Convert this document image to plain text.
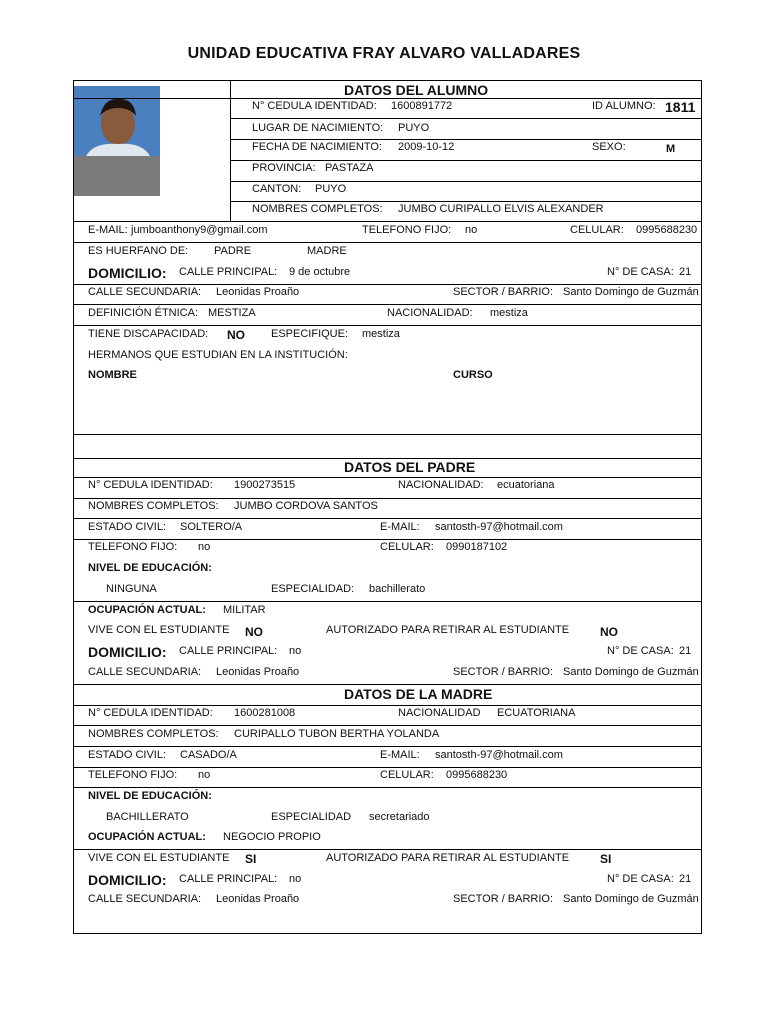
UNIDAD EDUCATIVA FRAY ALVARO VALLADARES
DATOS DEL ALUMNO
N° CEDULA IDENTIDAD: 1600891772	ID ALUMNO: 1811
LUGAR DE NACIMIENTO: PUYO
FECHA DE NACIMIENTO: 2009-10-12	SEXO:	M
PROVINCIA: PASTAZA
CANTON: PUYO
NOMBRES COMPLETOS: JUMBO CURIPALLO ELVIS ALEXANDER
E-MAIL: jumboanthony9@gmail.com	TELEFONO FIJO: no	CELULAR: 0995688230
ES HUERFANO DE: PADRE	MADRE
DOMICILIO: CALLE PRINCIPAL: 9 de octubre	N° DE CASA: 21
CALLE SECUNDARIA: Leonidas Proaño	SECTOR / BARRIO: Santo Domingo de Guzmán
DEFINICIÓN ÉTNICA: MESTIZA	NACIONALIDAD: mestiza
TIENE DISCAPACIDAD: NO ESPECIFIQUE: mestiza
HERMANOS QUE ESTUDIAN EN LA INSTITUCIÓN:
NOMBRE	CURSO
DATOS DEL PADRE
N° CEDULA IDENTIDAD: 1900273515	NACIONALIDAD: ecuatoriana
NOMBRES COMPLETOS: JUMBO CORDOVA SANTOS
ESTADO CIVIL: SOLTERO/A	E-MAIL: santosth-97@hotmail.com
TELEFONO FIJO: no	CELULAR: 0990187102
NIVEL DE EDUCACIÓN:
NINGUNA	ESPECIALIDAD: bachillerato
OCUPACIÓN ACTUAL: MILITAR
VIVE CON EL ESTUDIANTE NO	AUTORIZADO PARA RETIRAR AL ESTUDIANTE	NO
DOMICILIO: CALLE PRINCIPAL: no	N° DE CASA: 21
CALLE SECUNDARIA: Leonidas Proaño	SECTOR / BARRIO: Santo Domingo de Guzmán
DATOS DE LA MADRE
N° CEDULA IDENTIDAD: 1600281008	NACIONALIDAD ECUATORIANA
NOMBRES COMPLETOS: CURIPALLO TUBON BERTHA YOLANDA
ESTADO CIVIL: CASADO/A	E-MAIL: santosth-97@hotmail.com
TELEFONO FIJO: no	CELULAR: 0995688230
NIVEL DE EDUCACIÓN:
BACHILLERATO	ESPECIALIDAD secretariado
OCUPACIÓN ACTUAL: NEGOCIO PROPIO
VIVE CON EL ESTUDIANTE SI	AUTORIZADO PARA RETIRAR AL ESTUDIANTE	SI
DOMICILIO: CALLE PRINCIPAL: no	N° DE CASA: 21
CALLE SECUNDARIA: Leonidas Proaño	SECTOR / BARRIO: Santo Domingo de Guzmán
